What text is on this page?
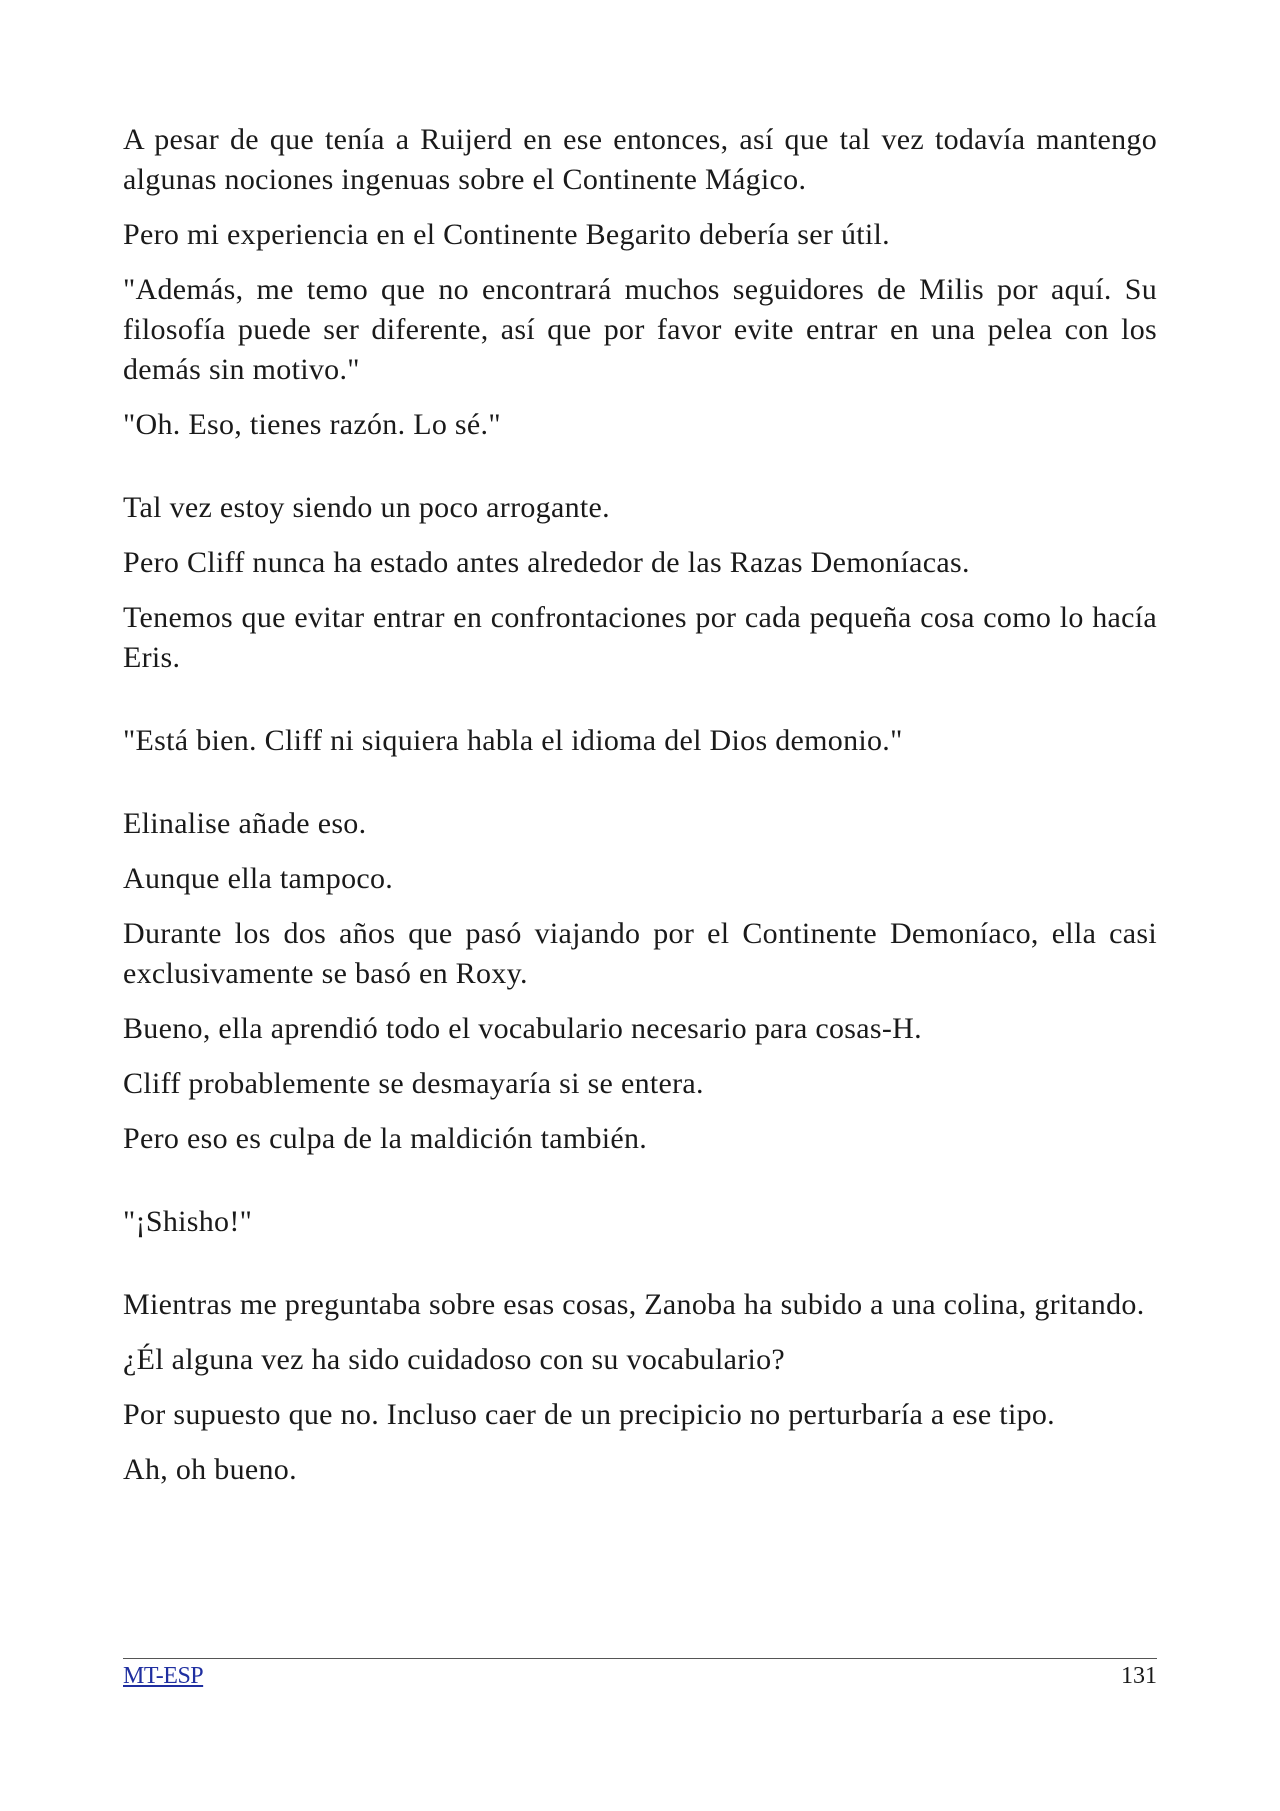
A pesar de que tenía a Ruijerd en ese entonces, así que tal vez todavía mantengo algunas nociones ingenuas sobre el Continente Mágico.

Pero mi experiencia en el Continente Begarito debería ser útil.

"Además, me temo que no encontrará muchos seguidores de Milis por aquí. Su filosofía puede ser diferente, así que por favor evite entrar en una pelea con los demás sin motivo."

"Oh. Eso, tienes razón. Lo sé."

Tal vez estoy siendo un poco arrogante.

Pero Cliff nunca ha estado antes alrededor de las Razas Demoníacas.

Tenemos que evitar entrar en confrontaciones por cada pequeña cosa como lo hacía Eris.

"Está bien. Cliff ni siquiera habla el idioma del Dios demonio."

Elinalise añade eso.

Aunque ella tampoco.

Durante los dos años que pasó viajando por el Continente Demoníaco, ella casi exclusivamente se basó en Roxy.

Bueno, ella aprendió todo el vocabulario necesario para cosas-H.

Cliff probablemente se desmayaría si se entera.

Pero eso es culpa de la maldición también.

"¡Shisho!"

Mientras me preguntaba sobre esas cosas, Zanoba ha subido a una colina, gritando.

¿Él alguna vez ha sido cuidadoso con su vocabulario?

Por supuesto que no. Incluso caer de un precipicio no perturbaría a ese tipo.

Ah, oh bueno.

MT-ESP	131
